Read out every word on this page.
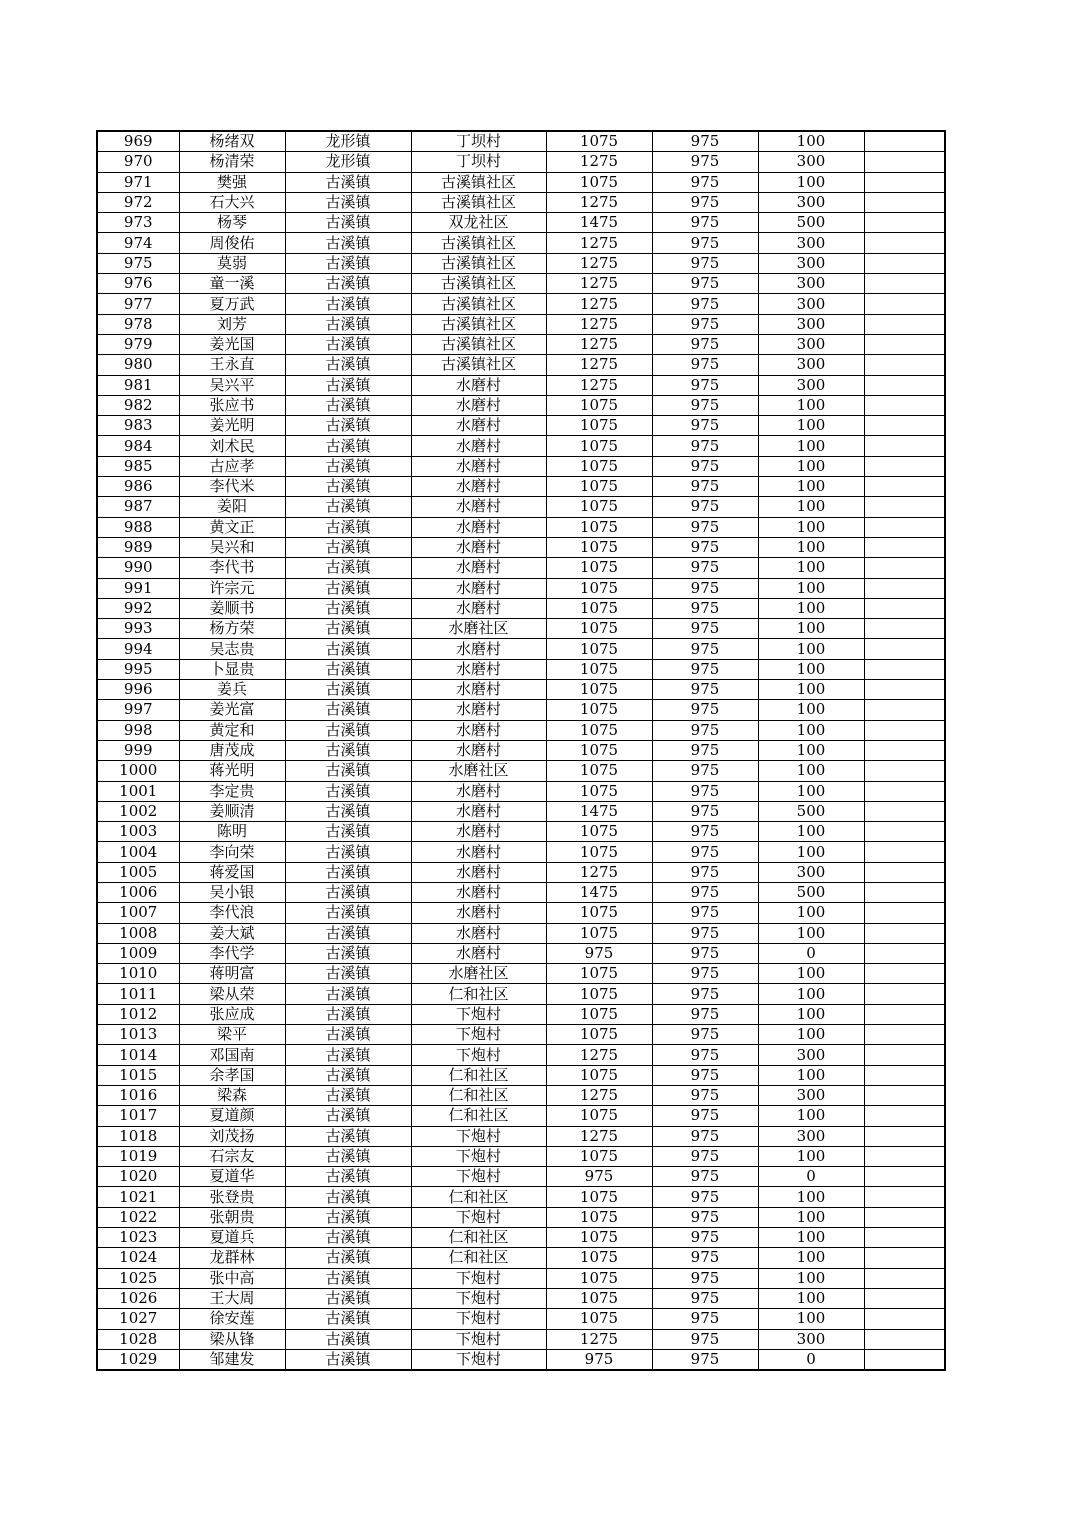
969	杨绪双	龙形镇	丁坝村	1075	975	100	
970	杨清荣	龙形镇	丁坝村	1275	975	300	
971	樊强	古溪镇	古溪镇社区	1075	975	100	
972	石大兴	古溪镇	古溪镇社区	1275	975	300	
973	杨琴	古溪镇	双龙社区	1475	975	500	
974	周俊佑	古溪镇	古溪镇社区	1275	975	300	
975	莫弱	古溪镇	古溪镇社区	1275	975	300	
976	童一溪	古溪镇	古溪镇社区	1275	975	300	
977	夏万武	古溪镇	古溪镇社区	1275	975	300	
978	刘芳	古溪镇	古溪镇社区	1275	975	300	
979	姜光国	古溪镇	古溪镇社区	1275	975	300	
980	王永直	古溪镇	古溪镇社区	1275	975	300	
981	吴兴平	古溪镇	水磨村	1275	975	300	
982	张应书	古溪镇	水磨村	1075	975	100	
983	姜光明	古溪镇	水磨村	1075	975	100	
984	刘术民	古溪镇	水磨村	1075	975	100	
985	古应孝	古溪镇	水磨村	1075	975	100	
986	李代米	古溪镇	水磨村	1075	975	100	
987	姜阳	古溪镇	水磨村	1075	975	100	
988	黄文正	古溪镇	水磨村	1075	975	100	
989	吴兴和	古溪镇	水磨村	1075	975	100	
990	李代书	古溪镇	水磨村	1075	975	100	
991	许宗元	古溪镇	水磨村	1075	975	100	
992	姜顺书	古溪镇	水磨村	1075	975	100	
993	杨方荣	古溪镇	水磨社区	1075	975	100	
994	吴志贵	古溪镇	水磨村	1075	975	100	
995	卜显贵	古溪镇	水磨村	1075	975	100	
996	姜兵	古溪镇	水磨村	1075	975	100	
997	姜光富	古溪镇	水磨村	1075	975	100	
998	黄定和	古溪镇	水磨村	1075	975	100	
999	唐茂成	古溪镇	水磨村	1075	975	100	
1000	蒋光明	古溪镇	水磨社区	1075	975	100	
1001	李定贵	古溪镇	水磨村	1075	975	100	
1002	姜顺清	古溪镇	水磨村	1475	975	500	
1003	陈明	古溪镇	水磨村	1075	975	100	
1004	李向荣	古溪镇	水磨村	1075	975	100	
1005	蒋爱国	古溪镇	水磨村	1275	975	300	
1006	吴小银	古溪镇	水磨村	1475	975	500	
1007	李代浪	古溪镇	水磨村	1075	975	100	
1008	姜大斌	古溪镇	水磨村	1075	975	100	
1009	李代学	古溪镇	水磨村	975	975	0	
1010	蒋明富	古溪镇	水磨社区	1075	975	100	
1011	梁从荣	古溪镇	仁和社区	1075	975	100	
1012	张应成	古溪镇	下炮村	1075	975	100	
1013	梁平	古溪镇	下炮村	1075	975	100	
1014	邓国南	古溪镇	下炮村	1275	975	300	
1015	余孝国	古溪镇	仁和社区	1075	975	100	
1016	梁森	古溪镇	仁和社区	1275	975	300	
1017	夏道颜	古溪镇	仁和社区	1075	975	100	
1018	刘茂扬	古溪镇	下炮村	1275	975	300	
1019	石宗友	古溪镇	下炮村	1075	975	100	
1020	夏道华	古溪镇	下炮村	975	975	0	
1021	张登贵	古溪镇	仁和社区	1075	975	100	
1022	张朝贵	古溪镇	下炮村	1075	975	100	
1023	夏道兵	古溪镇	仁和社区	1075	975	100	
1024	龙群林	古溪镇	仁和社区	1075	975	100	
1025	张中高	古溪镇	下炮村	1075	975	100	
1026	王大周	古溪镇	下炮村	1075	975	100	
1027	徐安莲	古溪镇	下炮村	1075	975	100	
1028	梁从锋	古溪镇	下炮村	1275	975	300	
1029	邹建发	古溪镇	下炮村	975	975	0	
